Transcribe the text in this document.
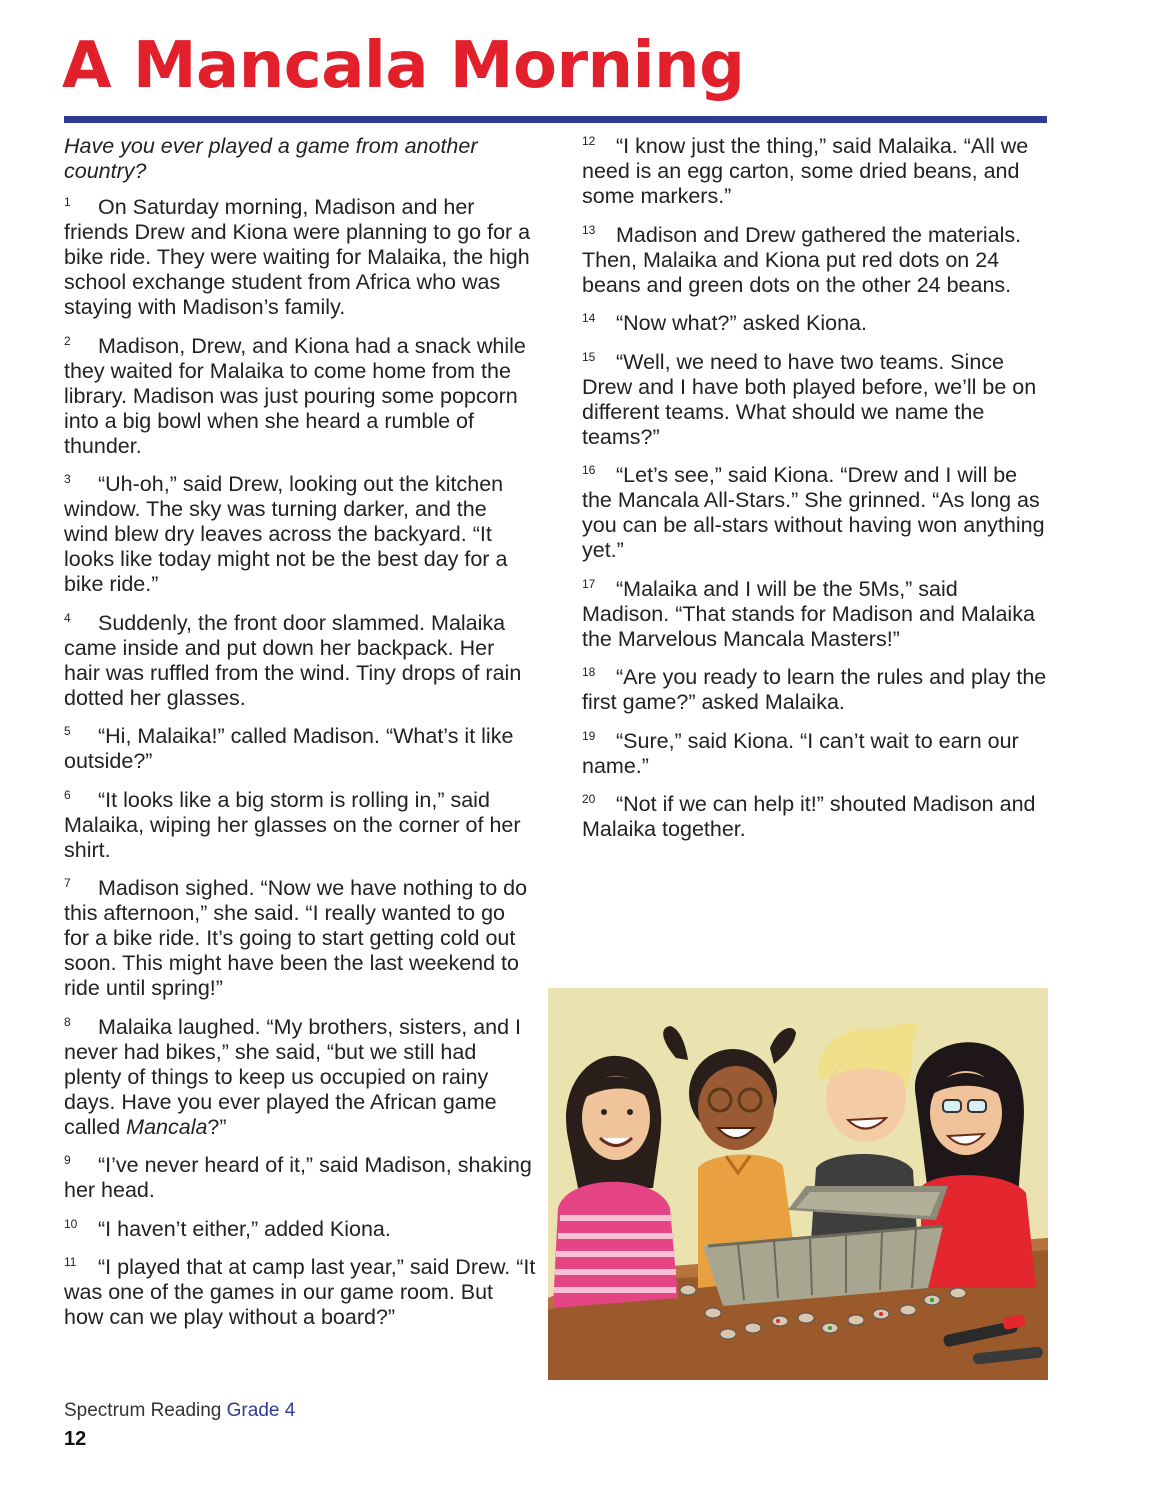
A Mancala Morning

Have you ever played a game from another country?

1 On Saturday morning, Madison and her friends Drew and Kiona were planning to go for a bike ride. They were waiting for Malaika, the high school exchange student from Africa who was staying with Madison’s family.

2 Madison, Drew, and Kiona had a snack while they waited for Malaika to come home from the library. Madison was just pouring some popcorn into a big bowl when she heard a rumble of thunder.

3 “Uh-oh,” said Drew, looking out the kitchen window. The sky was turning darker, and the wind blew dry leaves across the backyard. “It looks like today might not be the best day for a bike ride.”

4 Suddenly, the front door slammed. Malaika came inside and put down her backpack. Her hair was ruffled from the wind. Tiny drops of rain dotted her glasses.

5 “Hi, Malaika!” called Madison. “What’s it like outside?”

6 “It looks like a big storm is rolling in,” said Malaika, wiping her glasses on the corner of her shirt.

7 Madison sighed. “Now we have nothing to do this afternoon,” she said. “I really wanted to go for a bike ride. It’s going to start getting cold out soon. This might have been the last weekend to ride until spring!”

8 Malaika laughed. “My brothers, sisters, and I never had bikes,” she said, “but we still had plenty of things to keep us occupied on rainy days. Have you ever played the African game called Mancala?”

9 “I’ve never heard of it,” said Madison, shaking her head.

10 “I haven’t either,” added Kiona.

11 “I played that at camp last year,” said Drew. “It was one of the games in our game room. But how can we play without a board?”

12 “I know just the thing,” said Malaika. “All we need is an egg carton, some dried beans, and some markers.”

13 Madison and Drew gathered the materials. Then, Malaika and Kiona put red dots on 24 beans and green dots on the other 24 beans.

14 “Now what?” asked Kiona.

15 “Well, we need to have two teams. Since Drew and I have both played before, we’ll be on different teams. What should we name the teams?”

16 “Let’s see,” said Kiona. “Drew and I will be the Mancala All-Stars.” She grinned. “As long as you can be all-stars without having won anything yet.”

17 “Malaika and I will be the 5Ms,” said Madison. “That stands for Madison and Malaika the Marvelous Mancala Masters!”

18 “Are you ready to learn the rules and play the first game?” asked Malaika.

19 “Sure,” said Kiona. “I can’t wait to earn our name.”

20 “Not if we can help it!” shouted Madison and Malaika together.

Spectrum Reading Grade 4
12
